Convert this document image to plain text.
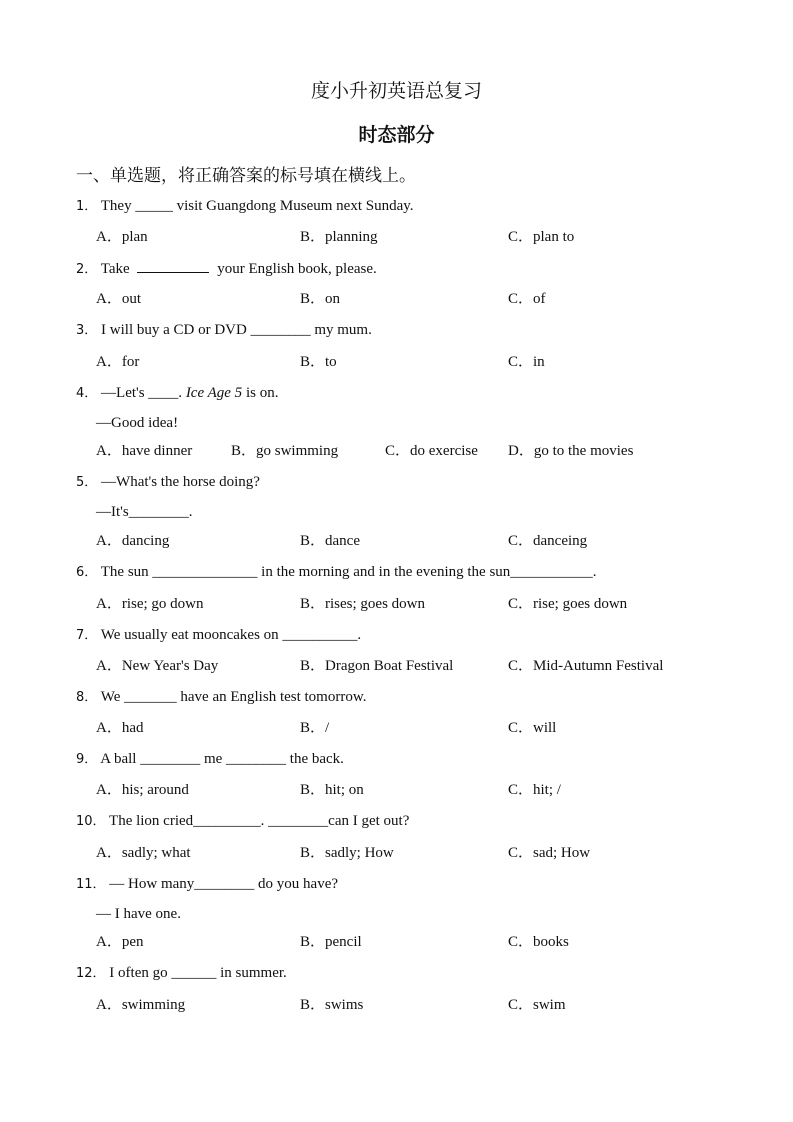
度小升初英语总复习
时态部分
一、单选题，将正确答案的标号填在横线上。
1． They _____ visit Guangdong Museum next Sunday.
A．plan	B．planning	C．plan to
2． Take	your English book, please.
A．out	B．on	C．of
3． I will buy a CD or DVD ________ my mum.
A．for	B．to	C．in
4． —Let's ____. Ice Age 5 is on.
—Good idea!
A．have dinner	B．go swimming	C．do exercise D．go to the movies
5． —What's the horse doing?
—It's________.
A．dancing	B．dance	C．danceing
6． The sun ______________ in the morning and in the evening the sun___________.
A．rise; go down	B．rises; goes down	C．rise; goes down
7． We usually eat mooncakes on __________.
A．New Year's Day	B．Dragon Boat Festival	C．Mid-Autumn Festival
8． We _______ have an English test tomorrow.
A．had	B．/	C．will
9． A ball ________ me ________ the back.
A．his; around	B．hit; on	C．hit; /
10． The lion cried_________. ________can I get out?
A．sadly; what	B．sadly; How	C．sad; How
11． — How many________ do you have?
— I have one.
A．pen	B．pencil	C．books
12． I often go ______ in summer.
A．swimming	B．swims	C．swim
